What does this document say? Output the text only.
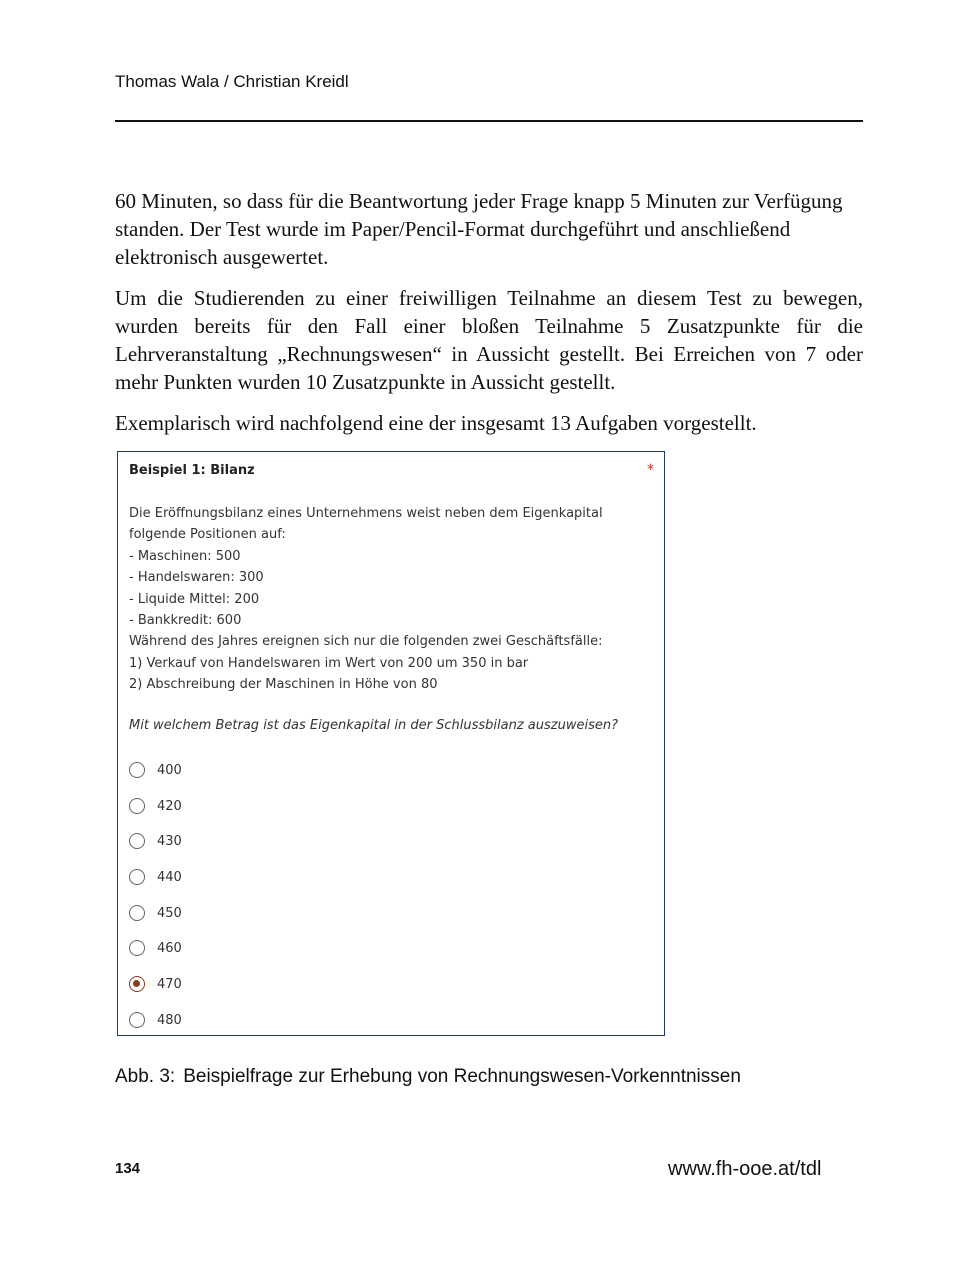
Thomas Wala / Christian Kreidl

60 Minuten, so dass für die Beantwortung jeder Frage knapp 5 Minuten zur Verfügung standen. Der Test wurde im Paper/Pencil-Format durchgeführt und anschließend elektronisch ausgewertet.

Um die Studierenden zu einer freiwilligen Teilnahme an diesem Test zu bewegen, wurden bereits für den Fall einer bloßen Teilnahme 5 Zusatzpunkte für die Lehrveranstaltung „Rechnungswesen“ in Aussicht gestellt. Bei Erreichen von 7 oder mehr Punkten wurden 10 Zusatzpunkte in Aussicht gestellt.

Exemplarisch wird nachfolgend eine der insgesamt 13 Aufgaben vorgestellt.

Beispiel 1: Bilanz	*
Die Eröffnungsbilanz eines Unternehmens weist neben dem Eigenkapital
folgende Positionen auf:
- Maschinen: 500
- Handelswaren: 300
- Liquide Mittel: 200
- Bankkredit: 600
Während des Jahres ereignen sich nur die folgenden zwei Geschäftsfälle:
1) Verkauf von Handelswaren im Wert von 200 um 350 in bar
2) Abschreibung der Maschinen in Höhe von 80
Mit welchem Betrag ist das Eigenkapital in der Schlussbilanz auszuweisen?
400
420
430
440
450
460
470
480
Abb. 3: Beispielfrage zur Erhebung von Rechnungswesen-Vorkenntnissen
134	www.fh-ooe.at/tdl
